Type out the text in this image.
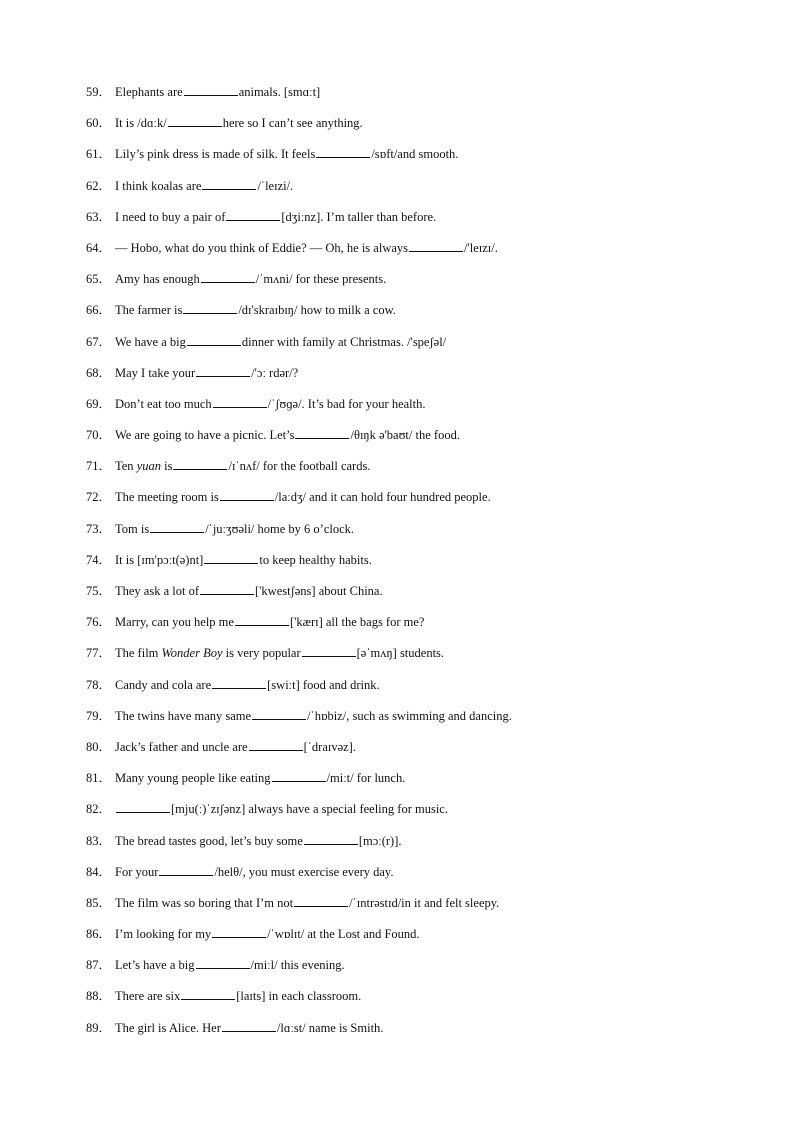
59． Elephants are	animals. [smɑːt]
60． It is /dɑːk/	here so I can’t see anything.
61． Lily’s pink dress is made of silk. It feels	/sɒft/and smooth.
62． I think koalas are	/ˈleɪzi/.
63． I need to buy a pair of	[dʒiːnz]. I’m taller than before.
64． — Hobo, what do you think of Eddie? — Oh, he is always	/'leɪzɪ/.
65． Amy has enough	/ˈmʌni/ for these presents.
66． The farmer is	/dɪ'skraɪbɪŋ/ how to milk a cow.
67． We have a big	dinner with family at Christmas. /'speʃəl/
68． May I take your	/'ɔː rdər/?
69． Don’t eat too much	/ˈʃʊɡə/. It’s bad for your health.
70． We are going to have a picnic. Let’s	/θɪŋk ə'baʊt/ the food.
71． Ten yuan is	/ɪˈnʌf/ for the football cards.
72． The meeting room is	/laːdʒ/ and it can hold four hundred people.
73． Tom is	/ˈjuːʒʊəli/ home by 6 o’clock.
74． It is [ɪm'pɔːt(ə)nt]	to keep healthy habits.
75． They ask a lot of	['kwestʃəns] about China.
76． Marry, can you help me	['kærɪ] all the bags for me?
77． The film Wonder Boy is very popular	[əˈmʌŋ] students.
78． Candy and cola are	[swiːt] food and drink.
79． The twins have many same	/ˈhɒbiz/, such as swimming and dancing.
80． Jack’s father and uncle are	[ˈdraɪvəz].
81． Many young people like eating	/miːt/ for lunch.
82．	[mju(ː)ˈzɪʃənz] always have a special feeling for music.
83． The bread tastes good, let’s buy some	[mɔː(r)].
84． For your	/helθ/, you must exercise every day.
85． The film was so boring that I’m not	/ˈɪntrəstɪd/in it and felt sleepy.
86． I’m looking for my	/ˈwɒlɪt/ at the Lost and Found.
87． Let’s have a big	/miːl/ this evening.
88． There are six	[laɪts] in each classroom.
89． The girl is Alice. Her	/lɑːst/ name is Smith.
